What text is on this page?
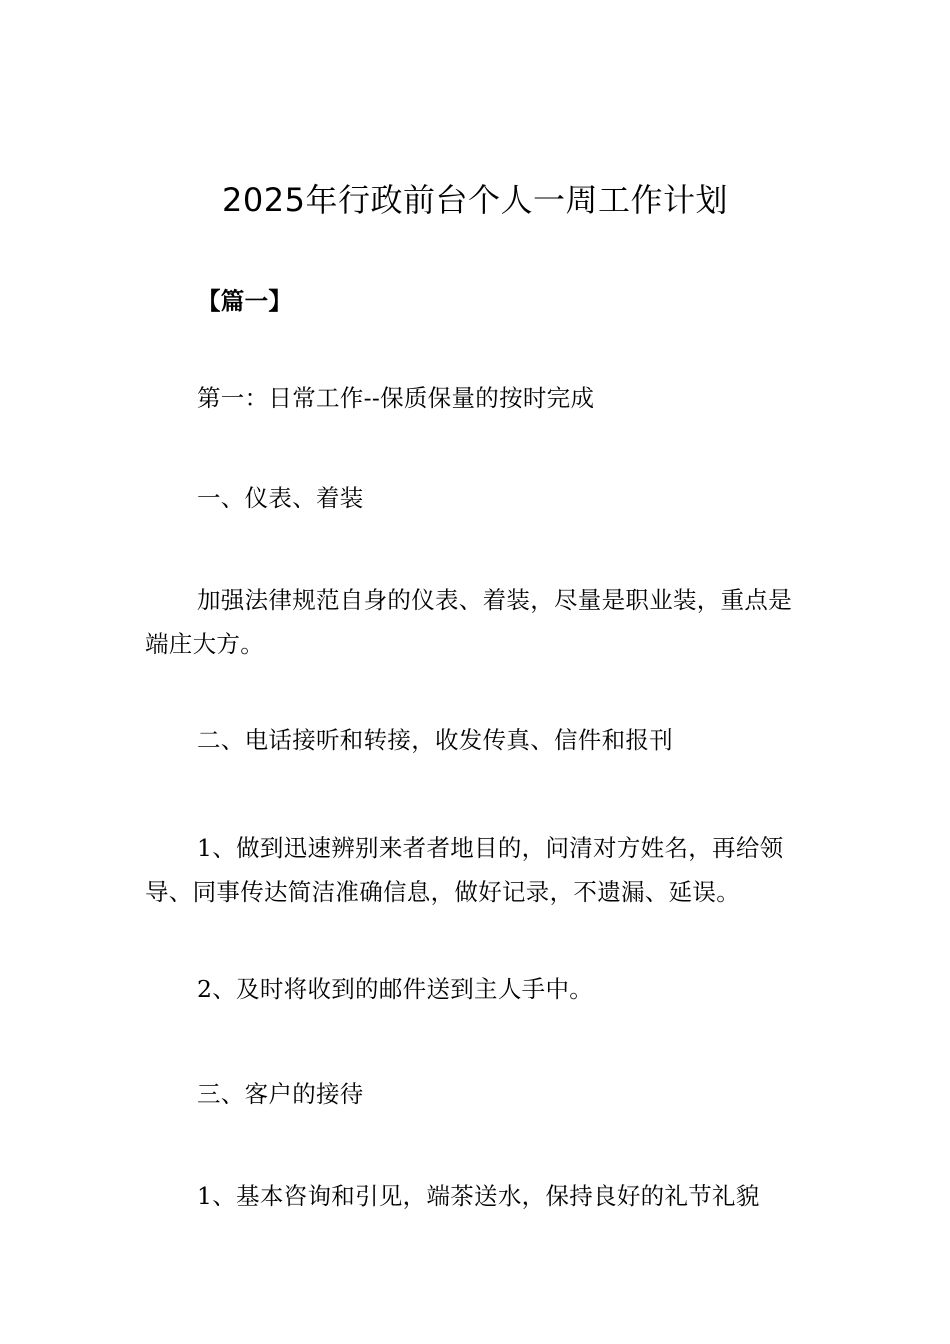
2025年行政前台个人一周工作计划
【篇一】
第一：日常工作--保质保量的按时完成
一、仪表、着装
加强法律规范自身的仪表、着装，尽量是职业装，重点是端庄大方。
二、电话接听和转接，收发传真、信件和报刊
1、做到迅速辨别来者者地目的，问清对方姓名，再给领导、同事传达简洁准确信息，做好记录，不遗漏、延误。
2、及时将收到的邮件送到主人手中。
三、客户的接待
1、基本咨询和引见，端茶送水，保持良好的礼节礼貌
